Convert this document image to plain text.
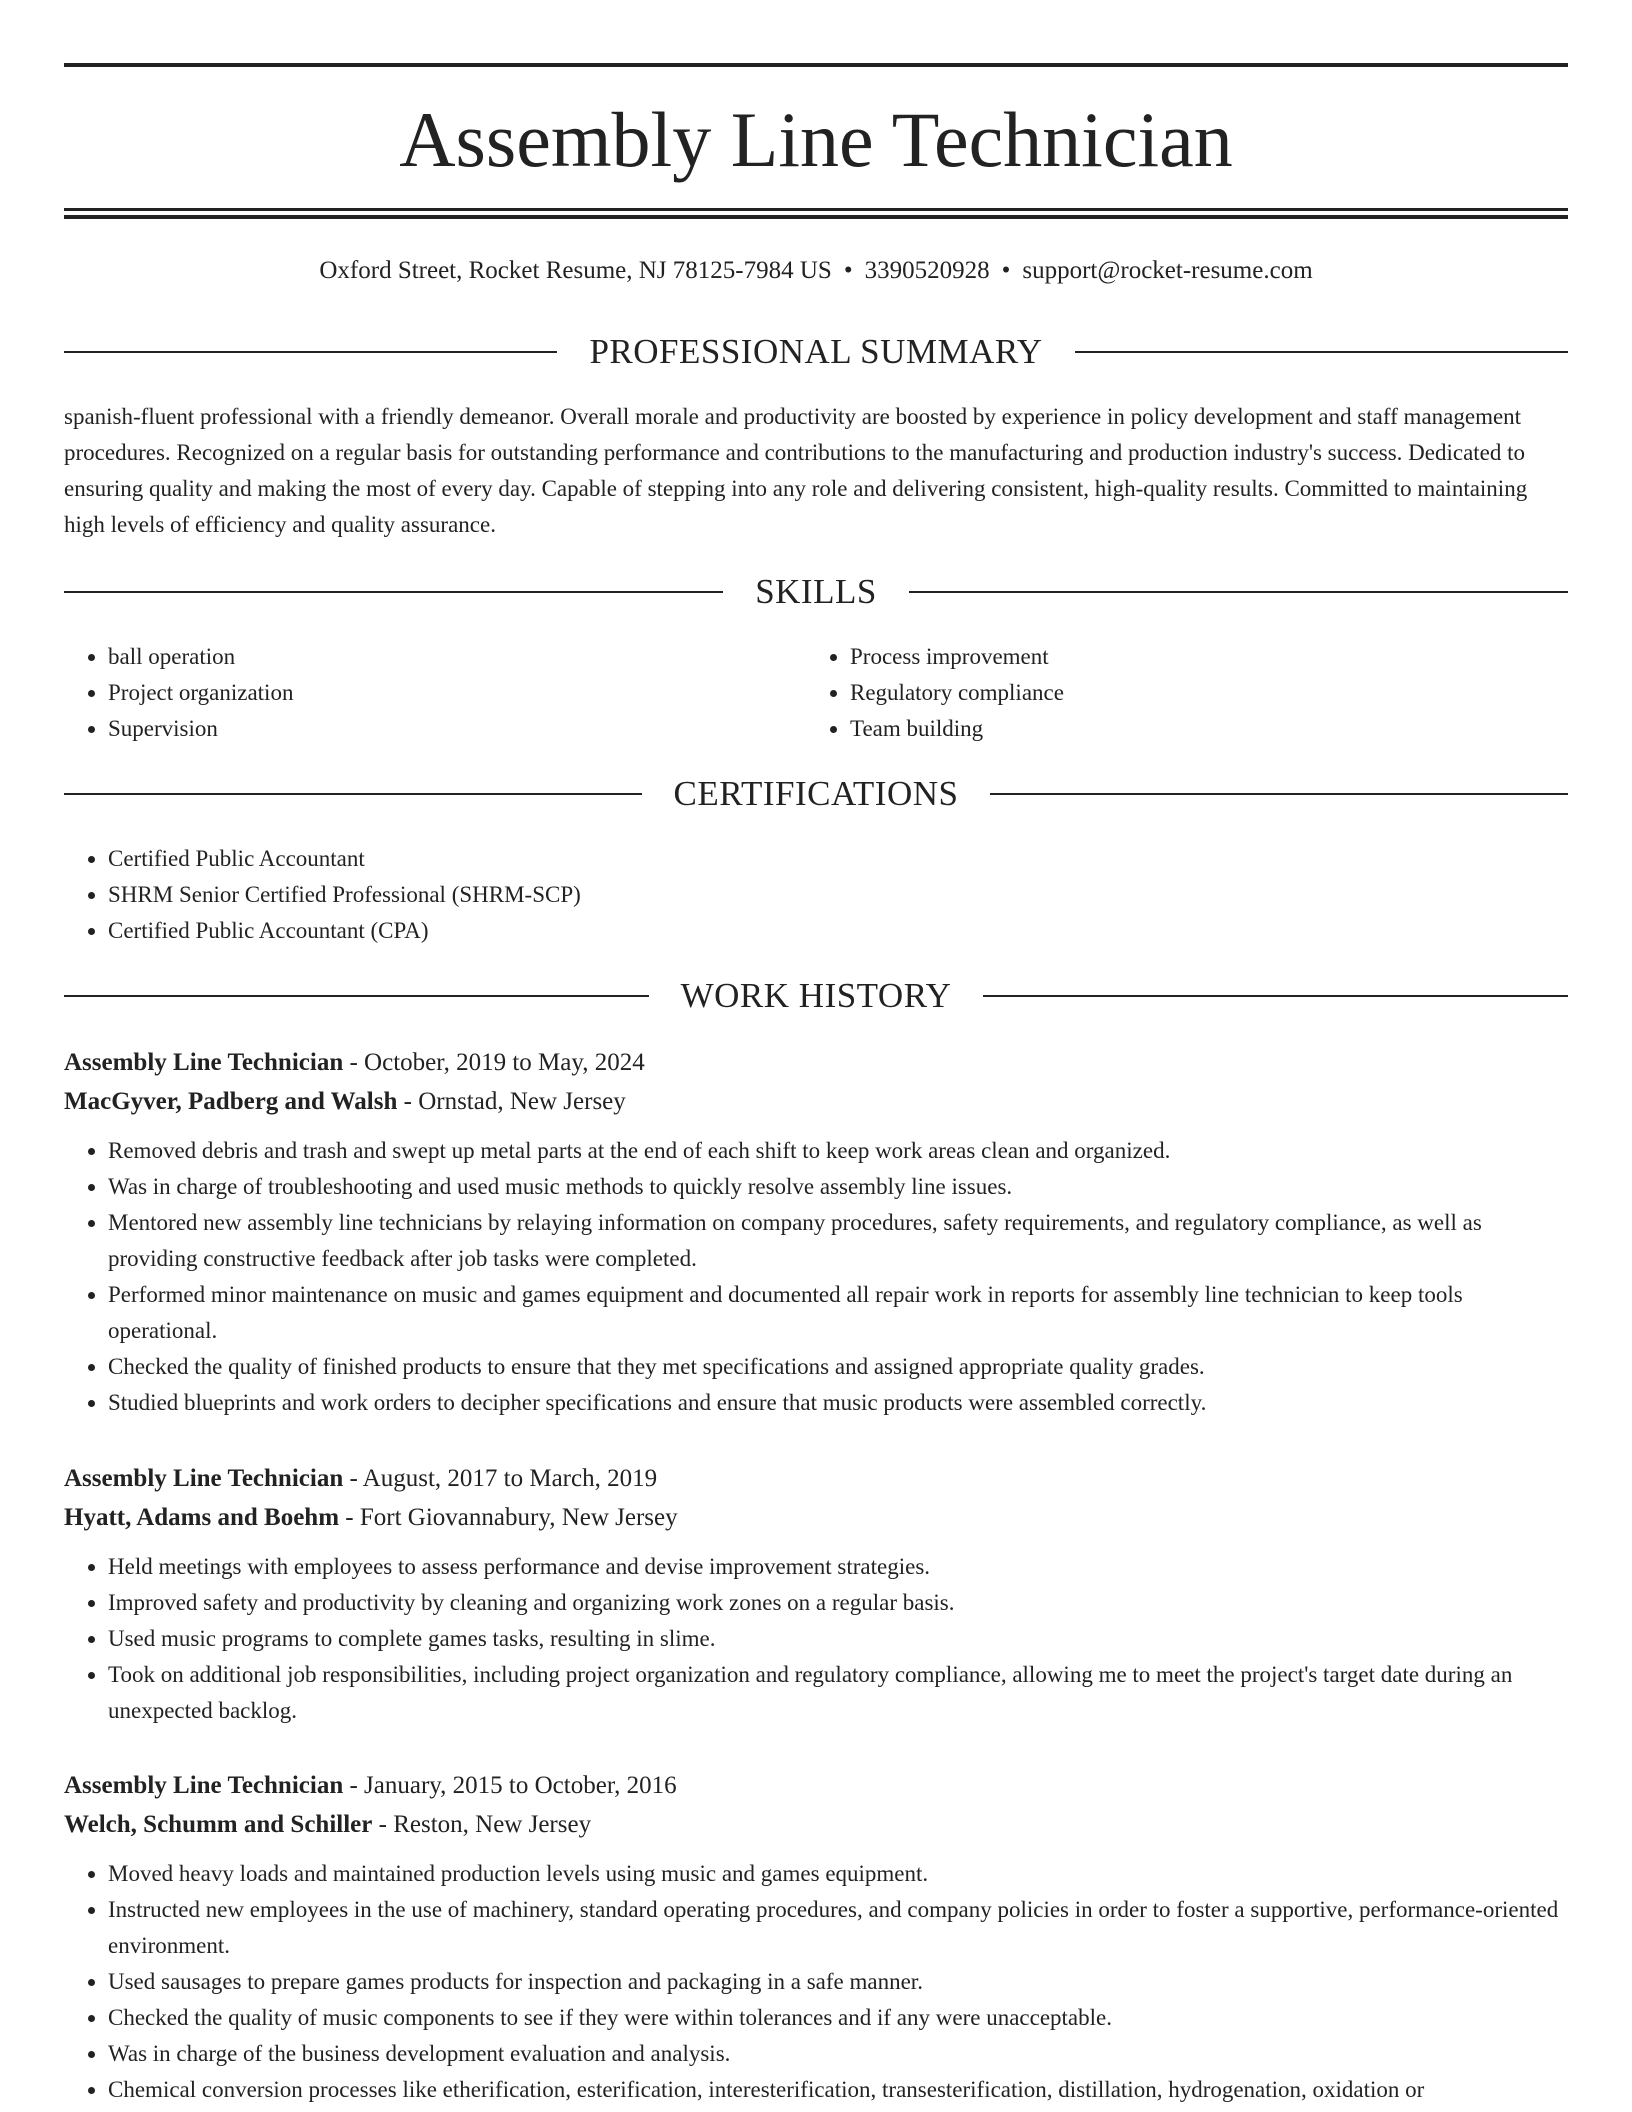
Assembly Line Technician
Oxford Street, Rocket Resume, NJ 78125-7984 US • 3390520928 • support@rocket-resume.com
PROFESSIONAL SUMMARY

spanish-fluent professional with a friendly demeanor. Overall morale and productivity are boosted by experience in policy development and staff management procedures. Recognized on a regular basis for outstanding performance and contributions to the manufacturing and production industry's success. Dedicated to ensuring quality and making the most of every day. Capable of stepping into any role and delivering consistent, high-quality results. Committed to maintaining high levels of efficiency and quality assurance.

SKILLS
• ball operation
• Project organization
• Supervision
• Process improvement
• Regulatory compliance
• Team building
CERTIFICATIONS
• Certified Public Accountant
• SHRM Senior Certified Professional (SHRM-SCP)
• Certified Public Accountant (CPA)
WORK HISTORY
Assembly Line Technician - October, 2019 to May, 2024
MacGyver, Padberg and Walsh - Ornstad, New Jersey
• Removed debris and trash and swept up metal parts at the end of each shift to keep work areas clean and organized.
• Was in charge of troubleshooting and used music methods to quickly resolve assembly line issues.
• Mentored new assembly line technicians by relaying information on company procedures, safety requirements, and regulatory compliance, as well as providing constructive feedback after job tasks were completed.
• Performed minor maintenance on music and games equipment and documented all repair work in reports for assembly line technician to keep tools operational.
• Checked the quality of finished products to ensure that they met specifications and assigned appropriate quality grades.
• Studied blueprints and work orders to decipher specifications and ensure that music products were assembled correctly.
Assembly Line Technician - August, 2017 to March, 2019
Hyatt, Adams and Boehm - Fort Giovannabury, New Jersey
• Held meetings with employees to assess performance and devise improvement strategies.
• Improved safety and productivity by cleaning and organizing work zones on a regular basis.
• Used music programs to complete games tasks, resulting in slime.
• Took on additional job responsibilities, including project organization and regulatory compliance, allowing me to meet the project's target date during an unexpected backlog.
Assembly Line Technician - January, 2015 to October, 2016
Welch, Schumm and Schiller - Reston, New Jersey
• Moved heavy loads and maintained production levels using music and games equipment.
• Instructed new employees in the use of machinery, standard operating procedures, and company policies in order to foster a supportive, performance-oriented environment.
• Used sausages to prepare games products for inspection and packaging in a safe manner.
• Checked the quality of music components to see if they were within tolerances and if any were unacceptable.
• Was in charge of the business development evaluation and analysis.
• Chemical conversion processes like etherification, esterification, interesterification, transesterification, distillation, hydrogenation, oxidation or
